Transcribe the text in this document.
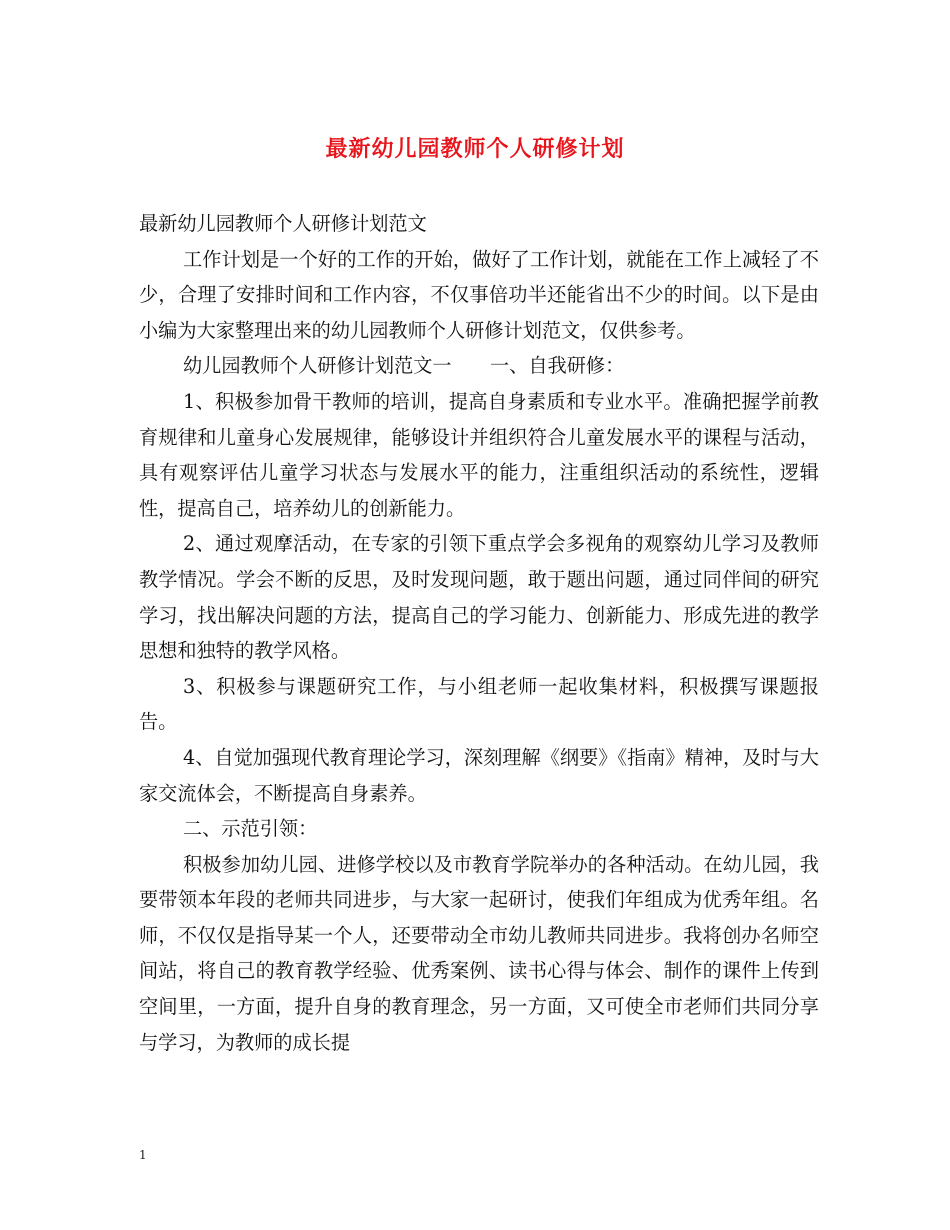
最新幼儿园教师个人研修计划

最新幼儿园教师个人研修计划范文

工作计划是一个好的工作的开始，做好了工作计划，就能在工作上减轻了不少，合理了安排时间和工作内容，不仅事倍功半还能省出不少的时间。以下是由小编为大家整理出来的幼儿园教师个人研修计划范文，仅供参考。

幼儿园教师个人研修计划范文一　　一、自我研修：

1、积极参加骨干教师的培训，提高自身素质和专业水平。准确把握学前教育规律和儿童身心发展规律，能够设计并组织符合儿童发展水平的课程与活动，具有观察评估儿童学习状态与发展水平的能力，注重组织活动的系统性，逻辑性，提高自己，培养幼儿的创新能力。

2、通过观摩活动，在专家的引领下重点学会多视角的观察幼儿学习及教师教学情况。学会不断的反思，及时发现问题，敢于题出问题，通过同伴间的研究学习，找出解决问题的方法，提高自己的学习能力、创新能力、形成先进的教学思想和独特的教学风格。

3、积极参与课题研究工作，与小组老师一起收集材料，积极撰写课题报告。

4、自觉加强现代教育理论学习，深刻理解《纲要》《指南》精神，及时与大家交流体会，不断提高自身素养。

二、示范引领：

积极参加幼儿园、进修学校以及市教育学院举办的各种活动。在幼儿园，我要带领本年段的老师共同进步，与大家一起研讨，使我们年组成为优秀年组。名师，不仅仅是指导某一个人，还要带动全市幼儿教师共同进步。我将创办名师空间站，将自己的教育教学经验、优秀案例、读书心得与体会、制作的课件上传到空间里，一方面，提升自身的教育理念，另一方面，又可使全市老师们共同分享与学习，为教师的成长提

1
